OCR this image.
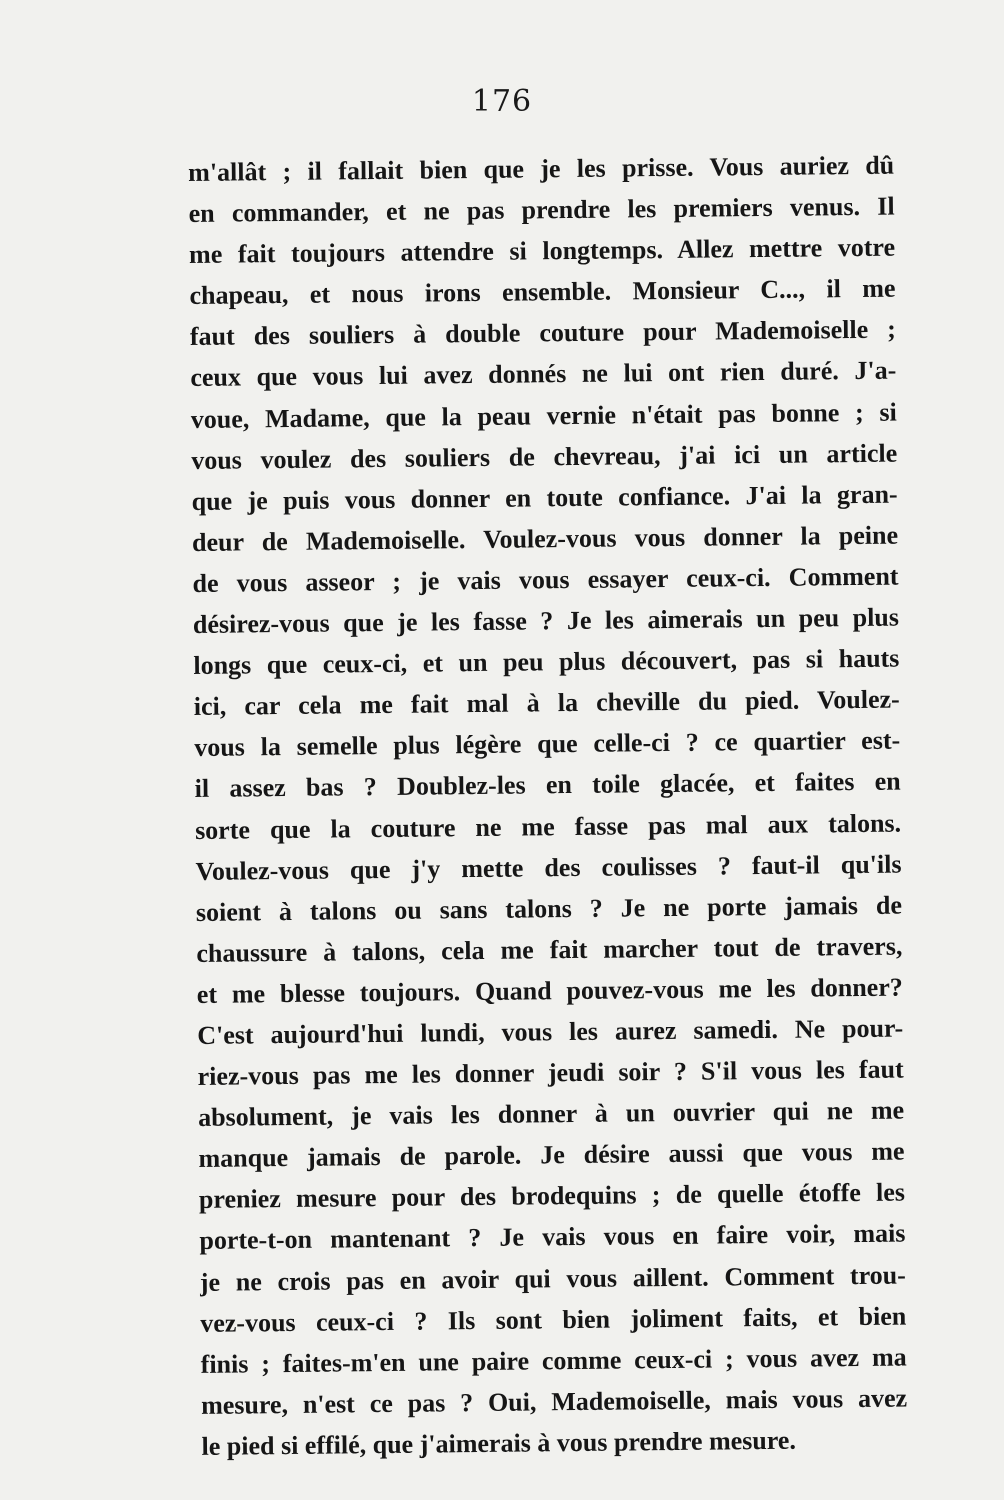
176
m'allât ; il fallait bien que je les prisse. Vous auriez dû
en commander, et ne pas prendre les premiers venus. Il
me fait toujours attendre si longtemps. Allez mettre votre
chapeau, et nous irons ensemble. Monsieur C..., il me
faut des souliers à double couture pour Mademoiselle ;
ceux que vous lui avez donnés ne lui ont rien duré. J'a-
voue, Madame, que la peau vernie n'était pas bonne ; si
vous voulez des souliers de chevreau, j'ai ici un article
que je puis vous donner en toute confiance. J'ai la gran-
deur de Mademoiselle. Voulez-vous vous donner la peine
de vous asseor ; je vais vous essayer ceux-ci. Comment
désirez-vous que je les fasse ? Je les aimerais un peu plus
longs que ceux-ci, et un peu plus découvert, pas si hauts
ici, car cela me fait mal à la cheville du pied. Voulez-
vous la semelle plus légère que celle-ci ? ce quartier est-
il assez bas ? Doublez-les en toile glacée, et faites en
sorte que la couture ne me fasse pas mal aux talons.
Voulez-vous que j'y mette des coulisses ? faut-il qu'ils
soient à talons ou sans talons ? Je ne porte jamais de
chaussure à talons, cela me fait marcher tout de travers,
et me blesse toujours. Quand pouvez-vous me les donner?
C'est aujourd'hui lundi, vous les aurez samedi. Ne pour-
riez-vous pas me les donner jeudi soir ? S'il vous les faut
absolument, je vais les donner à un ouvrier qui ne me
manque jamais de parole. Je désire aussi que vous me
preniez mesure pour des brodequins ; de quelle étoffe les
porte-t-on mantenant ? Je vais vous en faire voir, mais
je ne crois pas en avoir qui vous aillent. Comment trou-
vez-vous ceux-ci ? Ils sont bien joliment faits, et bien
finis ; faites-m'en une paire comme ceux-ci ; vous avez ma
mesure, n'est ce pas ? Oui, Mademoiselle, mais vous avez
le pied si effilé, que j'aimerais à vous prendre mesure.
